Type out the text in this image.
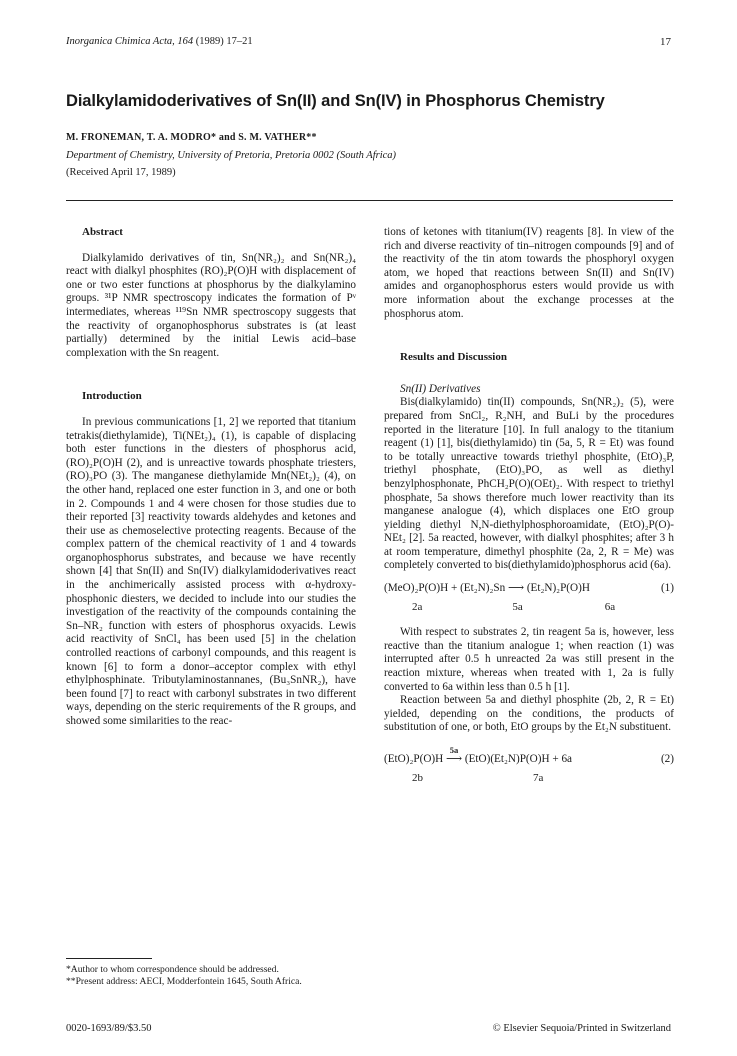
Inorganica Chimica Acta, 164 (1989) 17–21	17
Dialkylamidoderivatives of Sn(II) and Sn(IV) in Phosphorus Chemistry
M. FRONEMAN, T. A. MODRO* and S. M. VATHER**
Department of Chemistry, University of Pretoria, Pretoria 0002 (South Africa)
(Received April 17, 1989)

Abstract

Dialkylamido derivatives of tin, Sn(NR₂)₂ and Sn(NR₂)₄ react with dialkyl phosphites (RO)₂P(O)H with displacement of one or two ester functions at phosphorus by the dialkylamino groups. ³¹P NMR spectroscopy indicates the formation of Pᵛ intermediates, whereas ¹¹⁹Sn NMR spectroscopy suggests that the reactivity of organophosphorus substrates is (at least partially) determined by the initial Lewis acid–base complexation with the Sn reagent.

Introduction

In previous communications [1, 2] we reported that titanium tetrakis(diethylamide), Ti(NEt₂)₄ (1), is capable of displacing both ester functions in the diesters of phosphorus acid, (RO)₂P(O)H (2), and is unreactive towards phosphate triesters, (RO)₃PO (3). The manganese diethylamide Mn(NEt₂)₂ (4), on the other hand, replaced one ester function in 3, and one or both in 2. Compounds 1 and 4 were chosen for those studies due to their reported [3] reactivity towards aldehydes and ketones and their use as chemoselective protecting reagents. Because of the complex pattern of the chemical reactivity of 1 and 4 towards organophosphorus substrates, and because we have recently shown [4] that Sn(II) and Sn(IV) dialkylamidoderivatives react in the anchimerically assisted process with α-hydroxy-phosphonic diesters, we decided to include into our studies the investigation of the reactivity of the compounds containing the Sn–NR₂ function with esters of phosphorus oxyacids. Lewis acid reactivity of SnCl₄ has been used [5] in the chelation controlled reactions of carbonyl compounds, and this reagent is known [6] to form a donor–acceptor complex with ethyl ethylphosphinate. Tributylaminostannanes, (Bu₃SnNR₂), have been found [7] to react with carbonyl substrates in two different ways, depending on the steric requirements of the R groups, and showed some similarities to the reac-

*Author to whom correspondence should be addressed.
**Present address: AECI, Modderfontein 1645, South Africa.

tions of ketones with titanium(IV) reagents [8]. In view of the rich and diverse reactivity of tin–nitrogen compounds [9] and of the reactivity of the tin atom towards the phosphoryl oxygen atom, we hoped that reactions between Sn(II) and Sn(IV) amides and organophosphorus esters would provide us with more information about the exchange processes at the phosphorus atom.

Results and Discussion

Sn(II) Derivatives

Bis(dialkylamido) tin(II) compounds, Sn(NR₂)₂ (5), were prepared from SnCl₂, R₂NH, and BuLi by the procedures reported in the literature [10]. In full analogy to the titanium reagent (1) [1], bis(diethylamido) tin (5a, 5, R = Et) was found to be totally unreactive towards triethyl phosphite, (EtO)₃P, triethyl phosphate, (EtO)₃PO, as well as diethyl benzylphosphonate, PhCH₂P(O)(OEt)₂. With respect to triethyl phosphate, 5a shows therefore much lower reactivity than its manganese analogue (4), which displaces one EtO group yielding diethyl N,N-diethylphosphoroamidate, (EtO)₂P(O)-NEt₂ [2]. 5a reacted, however, with dialkyl phosphites; after 3 h at room temperature, dimethyl phosphite (2a, 2, R = Me) was completely converted to bis(diethylamido)phosphorus acid (6a).

(MeO)₂P(O)H + (Et₂N)₂Sn ⟶ (Et₂N)₂P(O)H	(1)
2a	5a	6a

With respect to substrates 2, tin reagent 5a is, however, less reactive than the titanium analogue 1; when reaction (1) was interrupted after 0.5 h unreacted 2a was still present in the reaction mixture, whereas when treated with 1, 2a is fully converted to 6a within less than 0.5 h [1].

Reaction between 5a and diethyl phosphite (2b, 2, R = Et) yielded, depending on the conditions, the products of substitution of one, or both, EtO groups by the Et₂N substituent.

(EtO)₂P(O)H
5a
⟶ (EtO)(Et₂N)P(O)H + 6a	(2)
2b	7a
0020-1693/89/$3.50	© Elsevier Sequoia/Printed in Switzerland
